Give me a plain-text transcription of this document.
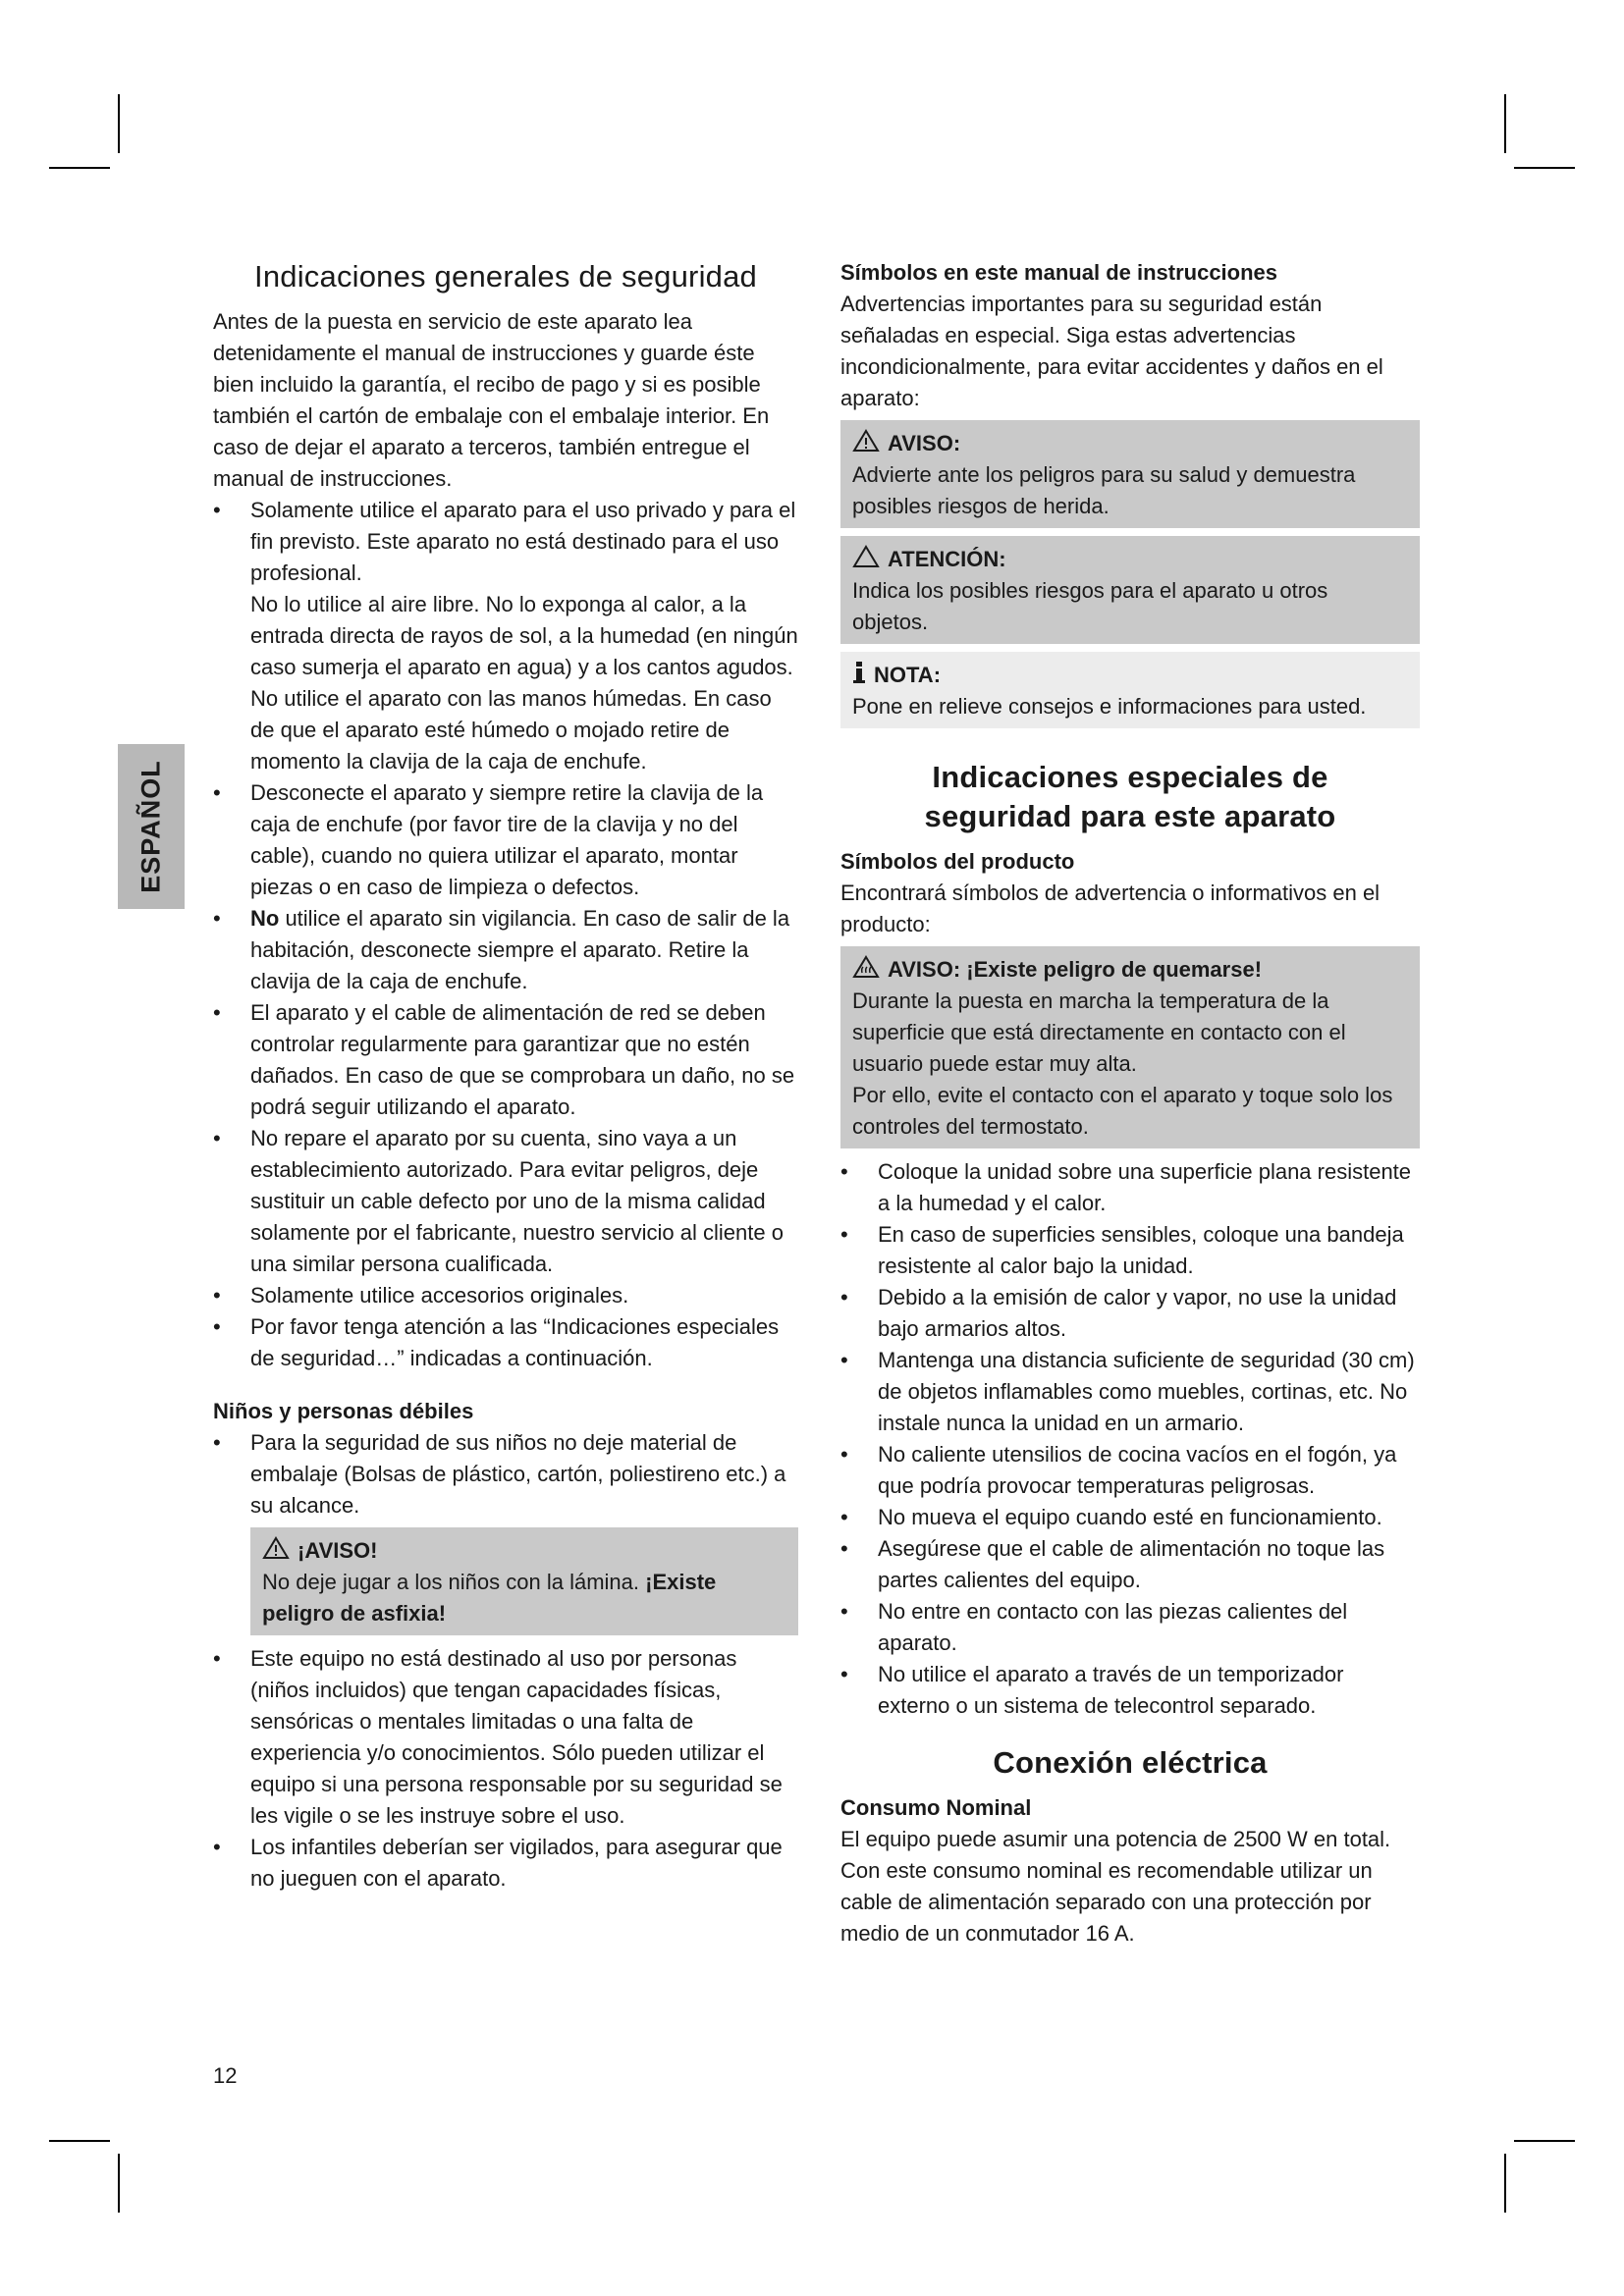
ESPAÑOL
Indicaciones generales de seguridad

Antes de la puesta en servicio de este aparato lea detenidamente el manual de instrucciones y guarde éste bien incluido la garantía, el recibo de pago y si es posible también el cartón de embalaje con el embalaje interior. En caso de dejar el aparato a terceros, también entregue el manual de instrucciones.

• Solamente utilice el aparato para el uso privado y para el fin previsto. Este aparato no está destinado para el uso profesional.
No lo utilice al aire libre. No lo exponga al calor, a la entrada directa de rayos de sol, a la humedad (en ningún caso sumerja el aparato en agua) y a los cantos agudos. No utilice el aparato con las manos húmedas. En caso de que el aparato esté húmedo o mojado retire de momento la clavija de la caja de enchufe.
• Desconecte el aparato y siempre retire la clavija de la caja de enchufe (por favor tire de la clavija y no del cable), cuando no quiera utilizar el aparato, montar piezas o en caso de limpieza o defectos.
• No utilice el aparato sin vigilancia. En caso de salir de la habitación, desconecte siempre el aparato. Retire la clavija de la caja de enchufe.
• El aparato y el cable de alimentación de red se deben controlar regularmente para garantizar que no estén dañados. En caso de que se comprobara un daño, no se podrá seguir utilizando el aparato.
• No repare el aparato por su cuenta, sino vaya a un establecimiento autorizado. Para evitar peligros, deje sustituir un cable defecto por uno de la misma calidad solamente por el fabricante, nuestro servicio al cliente o una similar persona cualificada.
• Solamente utilice accesorios originales.
• Por favor tenga atención a las “Indicaciones especiales de seguridad…” indicadas a continuación.
Niños y personas débiles
• Para la seguridad de sus niños no deje material de embalaje (Bolsas de plástico, cartón, poliestireno etc.) a su alcance.
¡AVISO!
No deje jugar a los niños con la lámina. ¡Existe peligro de asfixia!
• Este equipo no está destinado al uso por personas (niños incluidos) que tengan capacidades físicas, sensóricas o mentales limitadas o una falta de experiencia y/o conocimientos. Sólo pueden utilizar el equipo si una persona responsable por su seguridad se les vigile o se les instruye sobre el uso.
• Los infantiles deberían ser vigilados, para asegurar que no jueguen con el aparato.
Símbolos en este manual de instrucciones

Advertencias importantes para su seguridad están señaladas en especial. Siga estas advertencias incondicionalmente, para evitar accidentes y daños en el aparato:

AVISO:
Advierte ante los peligros para su salud y demuestra posibles riesgos de herida.
ATENCIÓN:
Indica los posibles riesgos para el aparato u otros objetos.
NOTA:
Pone en relieve consejos e informaciones para usted.
Indicaciones especiales de seguridad para este aparato
Símbolos del producto

Encontrará símbolos de advertencia o informativos en el producto:

AVISO: ¡Existe peligro de quemarse!
Durante la puesta en marcha la temperatura de la superficie que está directamente en contacto con el usuario puede estar muy alta.
Por ello, evite el contacto con el aparato y toque solo los controles del termostato.
• Coloque la unidad sobre una superficie plana resistente a la humedad y el calor.
• En caso de superficies sensibles, coloque una bandeja resistente al calor bajo la unidad.
• Debido a la emisión de calor y vapor, no use la unidad bajo armarios altos.
• Mantenga una distancia suficiente de seguridad (30 cm) de objetos inflamables como muebles, cortinas, etc. No instale nunca la unidad en un armario.
• No caliente utensilios de cocina vacíos en el fogón, ya que podría provocar temperaturas peligrosas.
• No mueva el equipo cuando esté en funcionamiento.
• Asegúrese que el cable de alimentación no toque las partes calientes del equipo.
• No entre en contacto con las piezas calientes del aparato.
• No utilice el aparato a través de un temporizador externo o un sistema de telecontrol separado.
Conexión eléctrica
Consumo Nominal

El equipo puede asumir una potencia de 2500 W en total. Con este consumo nominal es recomendable utilizar un cable de alimentación separado con una protección por medio de un conmutador 16 A.

12
